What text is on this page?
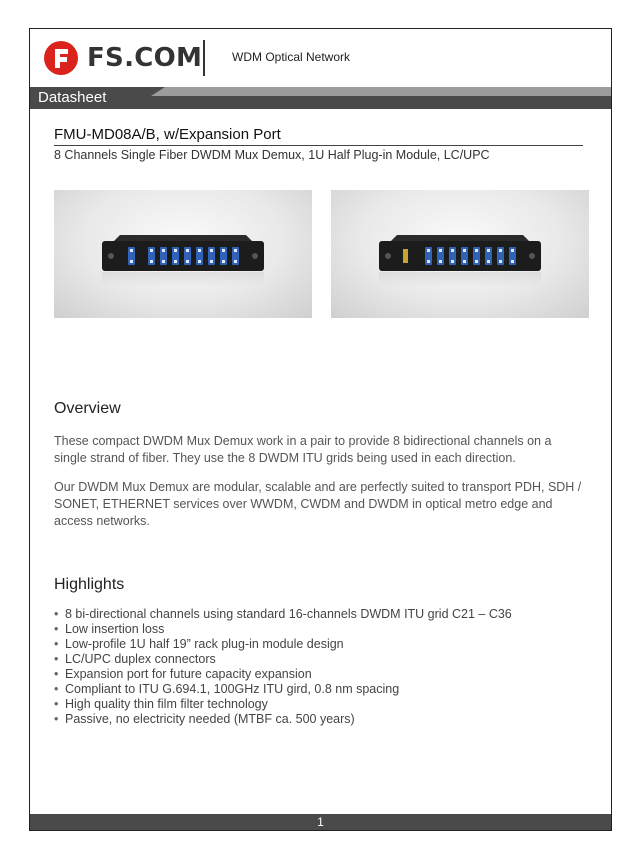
FS.COM WDM Optical Network
Datasheet
FMU-MD08A/B, w/Expansion Port
8 Channels Single Fiber DWDM Mux Demux, 1U Half Plug-in Module, LC/UPC
Overview
These compact DWDM Mux Demux work in a pair to provide 8 bidirectional channels on a single strand of fiber. They use the 8 DWDM ITU grids being used in each direction.
Our DWDM Mux Demux are modular, scalable and are perfectly suited to transport PDH, SDH / SONET, ETHERNET services over WWDM, CWDM and DWDM in optical metro edge and access networks.
Highlights
• 8 bi-directional channels using standard 16-channels DWDM ITU grid C21 – C36
• Low insertion loss
• Low-profile 1U half 19” rack plug-in module design
• LC/UPC duplex connectors
• Expansion port for future capacity expansion
• Compliant to ITU G.694.1, 100GHz ITU gird, 0.8 nm spacing
• High quality thin film filter technology
• Passive, no electricity needed (MTBF ca. 500 years)
1
